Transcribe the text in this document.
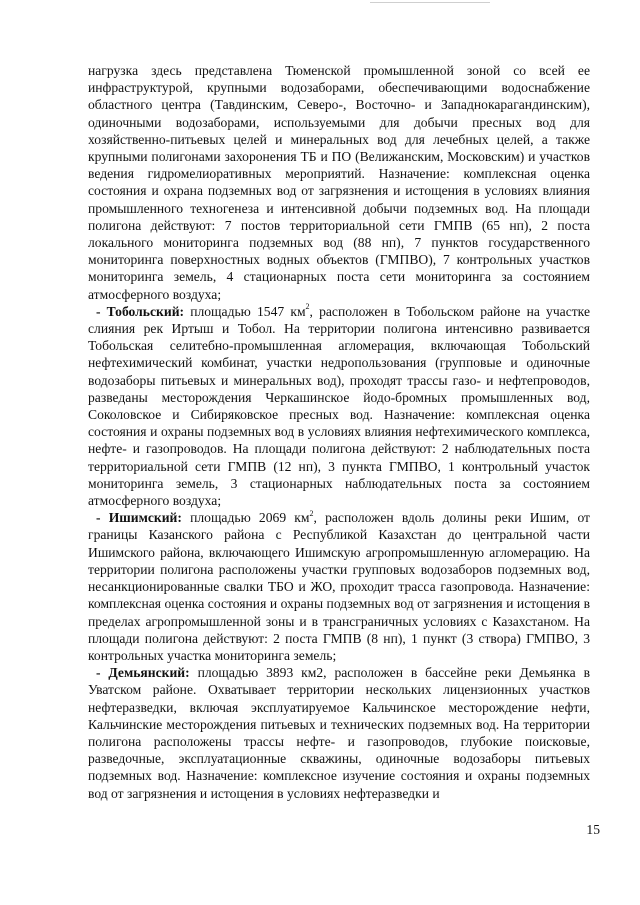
нагрузка здесь представлена Тюменской промышленной зоной со всей ее инфраструктурой, крупными водозаборами, обеспечивающими водоснабжение областного центра (Тавдинским, Северо-, Восточно- и Западнокарагандинским), одиночными водозаборами, используемыми для добычи пресных вод для хозяйственно-питьевых целей и минеральных вод для лечебных целей, а также крупными полигонами захоронения ТБ и ПО (Велижанским, Московским) и участков ведения гидромелиоративных мероприятий. Назначение: комплексная оценка состояния и охрана подземных вод от загрязнения и истощения в условиях влияния промышленного техногенеза и интенсивной добычи подземных вод. На площади полигона действуют: 7 постов территориальной сети ГМПВ (65 нп), 2 поста локального мониторинга подземных вод (88 нп), 7 пунктов государственного мониторинга поверхностных водных объектов (ГМПВО), 7 контрольных участков мониторинга земель, 4 стационарных поста сети мониторинга за состоянием атмосферного воздуха;

- Тобольский: площадью 1547 $км^2$, расположен в Тобольском районе на участке слияния рек Иртыш и Тобол. На территории полигона интенсивно развивается Тобольская селитебно-промышленная агломерация, включающая Тобольский нефтехимический комбинат, участки недропользования (групповые и одиночные водозаборы питьевых и минеральных вод), проходят трассы газо- и нефтепроводов, разведаны месторождения Черкашинское йодо-бромных промышленных вод, Соколовское и Сибиряковское пресных вод. Назначение: комплексная оценка состояния и охраны подземных вод в условиях влияния нефтехимического комплекса, нефте- и газопроводов. На площади полигона действуют: 2 наблюдательных поста территориальной сети ГМПВ (12 нп), 3 пункта ГМПВО, 1 контрольный участок мониторинга земель, 3 стационарных наблюдательных поста за состоянием атмосферного воздуха;

- Ишимский: площадью 2069 $км^2$, расположен вдоль долины реки Ишим, от границы Казанского района с Республикой Казахстан до центральной части Ишимского района, включающего Ишимскую агропромышленную агломерацию. На территории полигона расположены участки групповых водозаборов подземных вод, несанкционированные свалки ТБО и ЖО, проходит трасса газопровода. Назначение: комплексная оценка состояния и охраны подземных вод от загрязнения и истощения в пределах агропромышленной зоны и в трансграничных условиях с Казахстаном. На площади полигона действуют: 2 поста ГМПВ (8 нп), 1 пункт (3 створа) ГМПВО, 3 контрольных участка мониторинга земель;

- Демьянский: площадью 3893 км2, расположен в бассейне реки Демьянка в Уватском районе. Охватывает территории нескольких лицензионных участков нефтеразведки, включая эксплуатируемое Кальчинское месторождение нефти, Кальчинские месторождения питьевых и технических подземных вод. На территории полигона расположены трассы нефте- и газопроводов, глубокие поисковые, разведочные, эксплуатационные скважины, одиночные водозаборы питьевых подземных вод. Назначение: комплексное изучение состояния и охраны подземных вод от загрязнения и истощения в условиях нефтеразведки и

15
